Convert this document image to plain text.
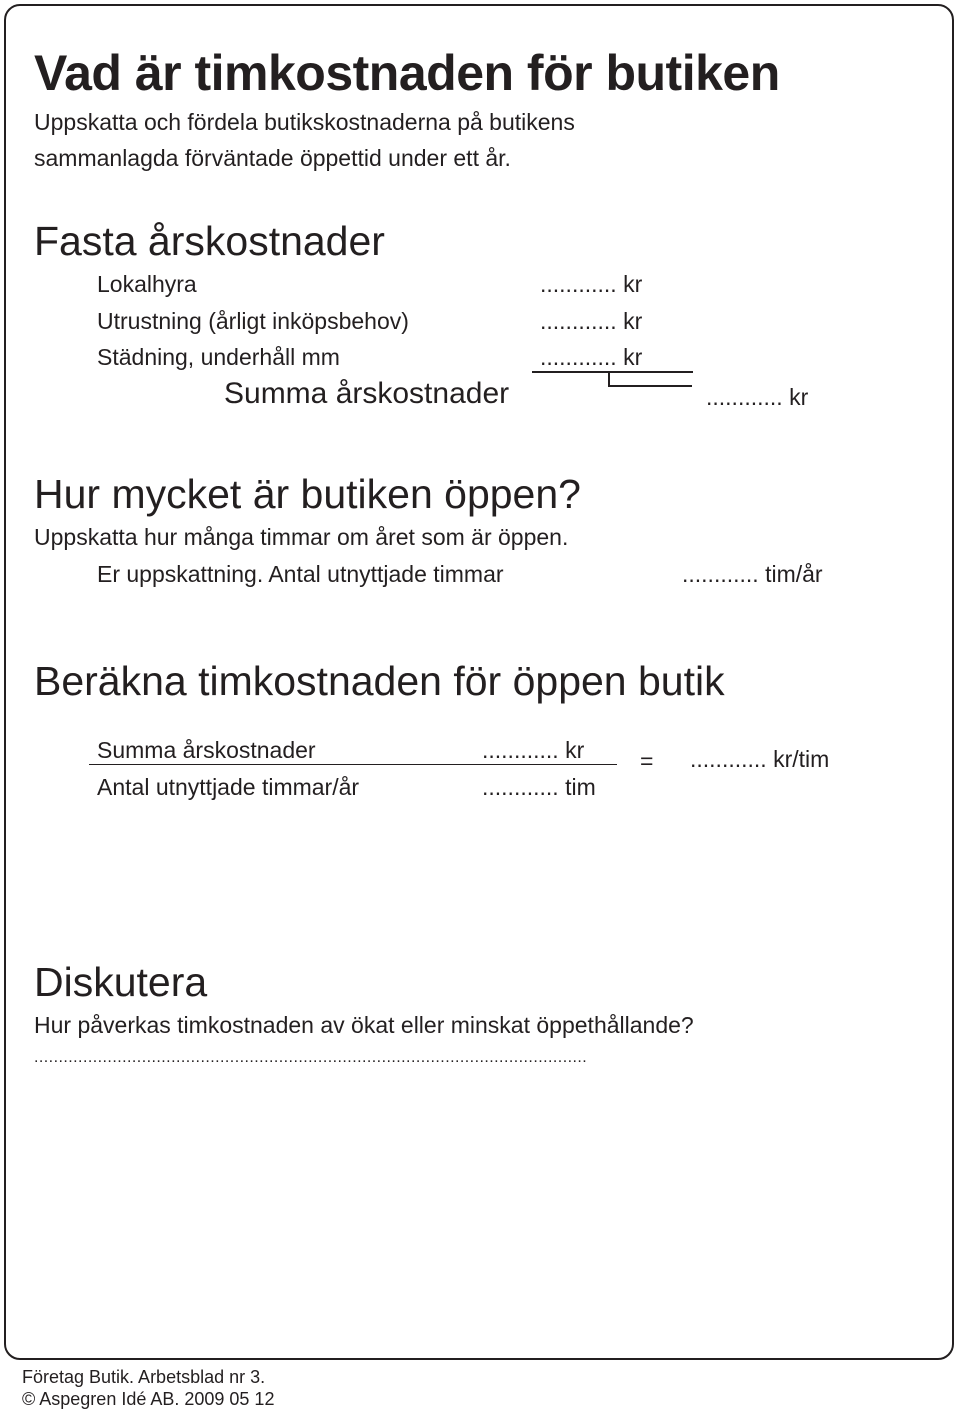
Vad är timkostnaden för butiken
Uppskatta och fördela butikskostnaderna på butikens
sammanlagda förväntade öppettid under ett år.
Fasta årskostnader
Lokalhyra	............ kr
Utrustning (årligt inköpsbehov)	............ kr
Städning, underhåll mm	............ kr
Summa årskostnader	............ kr
Hur mycket är butiken öppen?
Uppskatta hur många timmar om året som är öppen.
Er uppskattning. Antal utnyttjade timmar	............ tim/år
Beräkna timkostnaden för öppen butik
Summa årskostnader	............ kr
Antal utnyttjade timmar/år	............ tim
= ............ kr/tim
Diskutera
Hur påverkas timkostnaden av ökat eller minskat öppethållande?
.................................................................................................................
Företag Butik. Arbetsblad nr 3.
© Aspegren Idé AB. 2009 05 12
